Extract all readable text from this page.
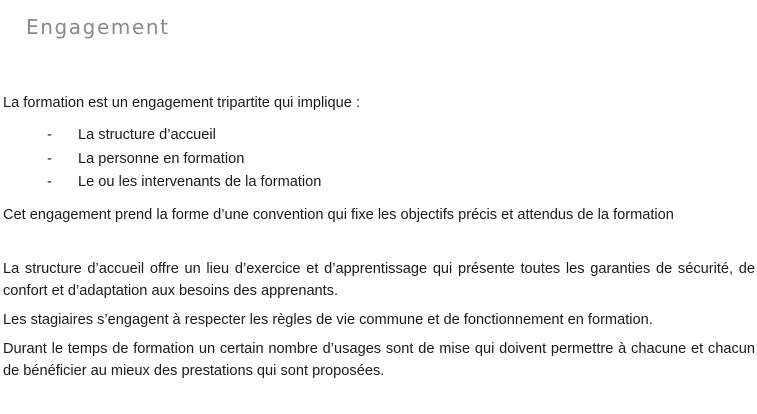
Engagement

La formation est un engagement tripartite qui implique :

- La structure d’accueil
- La personne en formation
- Le ou les intervenants de la formation

Cet engagement prend la forme d’une convention qui fixe les objectifs précis et attendus de la formation

La structure d’accueil offre un lieu d’exercice et d’apprentissage qui présente toutes les garanties de sécurité, de confort et d’adaptation aux besoins des apprenants.

Les stagiaires s’engagent à respecter les règles de vie commune et de fonctionnement en formation.

Durant le temps de formation un certain nombre d’usages sont de mise qui doivent permettre à chacune et chacun de bénéficier au mieux des prestations qui sont proposées.
